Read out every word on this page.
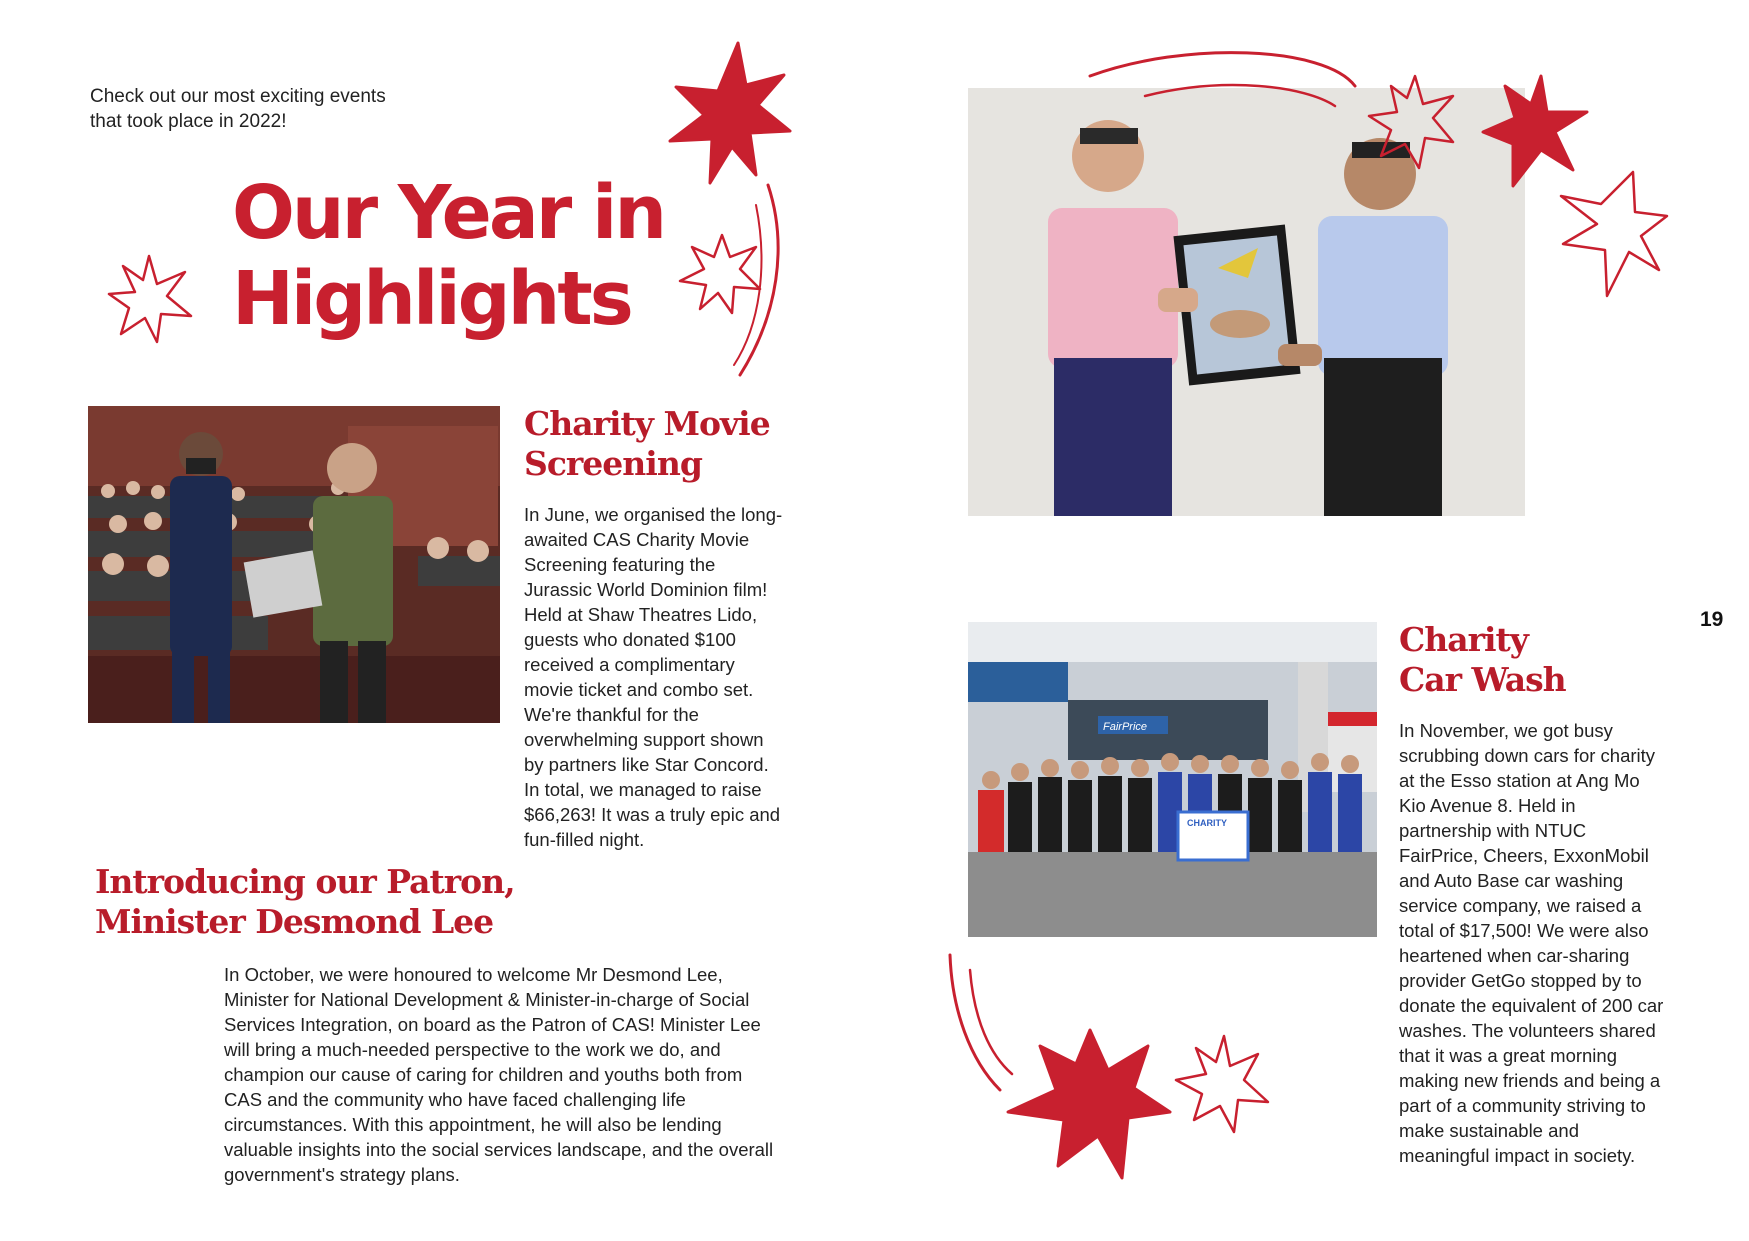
Check out our most exciting events that took place in 2022!
Our Year in
Highlights
Charity Movie
Screening
In June, we organised the long-awaited CAS Charity Movie Screening featuring the Jurassic World Dominion film! Held at Shaw Theatres Lido, guests who donated $100 received a complimentary movie ticket and combo set. We're thankful for the overwhelming support shown by partners like Star Concord. In total, we managed to raise $66,263! It was a truly epic and fun-filled night.
Introducing our Patron,
Minister Desmond Lee
In October, we were honoured to welcome Mr Desmond Lee, Minister for National Development & Minister-in-charge of Social Services Integration, on board as the Patron of CAS! Minister Lee will bring a much-needed perspective to the work we do, and champion our cause of caring for children and youths both from CAS and the community who have faced challenging life circumstances. With this appointment, he will also be lending valuable insights into the social services landscape, and the overall government's strategy plans.
FairPrice
CHARITY
Charity
Car Wash
In November, we got busy scrubbing down cars for charity at the Esso station at Ang Mo Kio Avenue 8. Held in partnership with NTUC FairPrice, Cheers, ExxonMobil and Auto Base car washing service company, we raised a total of $17,500! We were also heartened when car-sharing provider GetGo stopped by to donate the equivalent of 200 car washes. The volunteers shared that it was a great morning making new friends and being a part of a community striving to make sustainable and meaningful impact in society.
19
